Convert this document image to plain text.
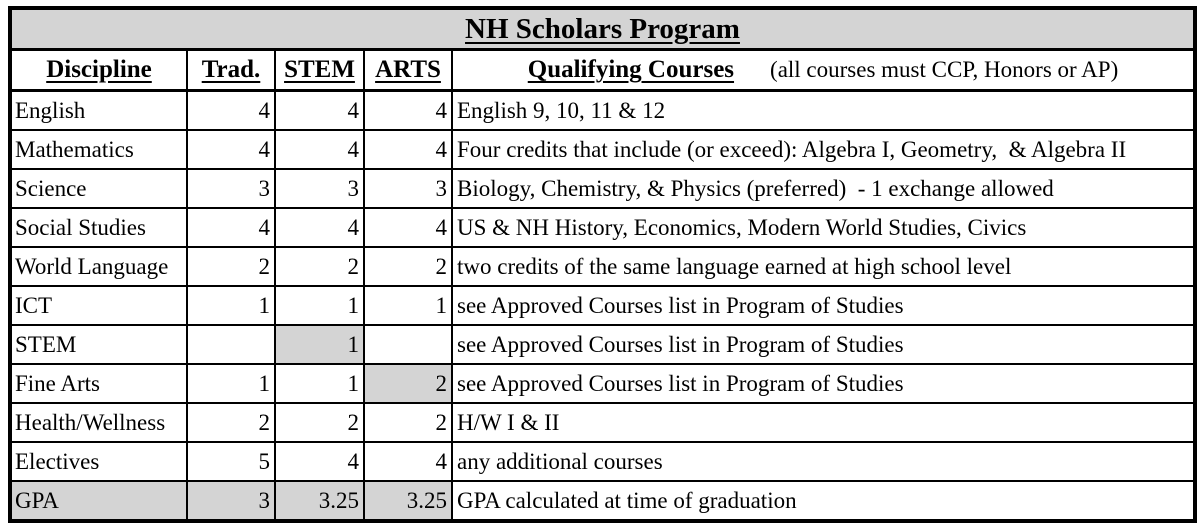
NH Scholars Program				
Discipline	Trad.	STEM	ARTS	Qualifying Courses (all courses must CCP, Honors or AP)
English	4	4	4	English 9, 10, 11 & 12
Mathematics	4	4	4	Four credits that include (or exceed): Algebra I, Geometry,  & Algebra II
Science	3	3	3	Biology, Chemistry, & Physics (preferred)  - 1 exchange allowed
Social Studies	4	4	4	US & NH History, Economics, Modern World Studies, Civics
World Language	2	2	2	two credits of the same language earned at high school level
ICT	1	1	1	see Approved Courses list in Program of Studies
STEM		1		see Approved Courses list in Program of Studies
Fine Arts	1	1	2	see Approved Courses list in Program of Studies
Health/Wellness	2	2	2	H/W I & II
Electives	5	4	4	any additional courses
GPA	3	3.25	3.25	GPA calculated at time of graduation
